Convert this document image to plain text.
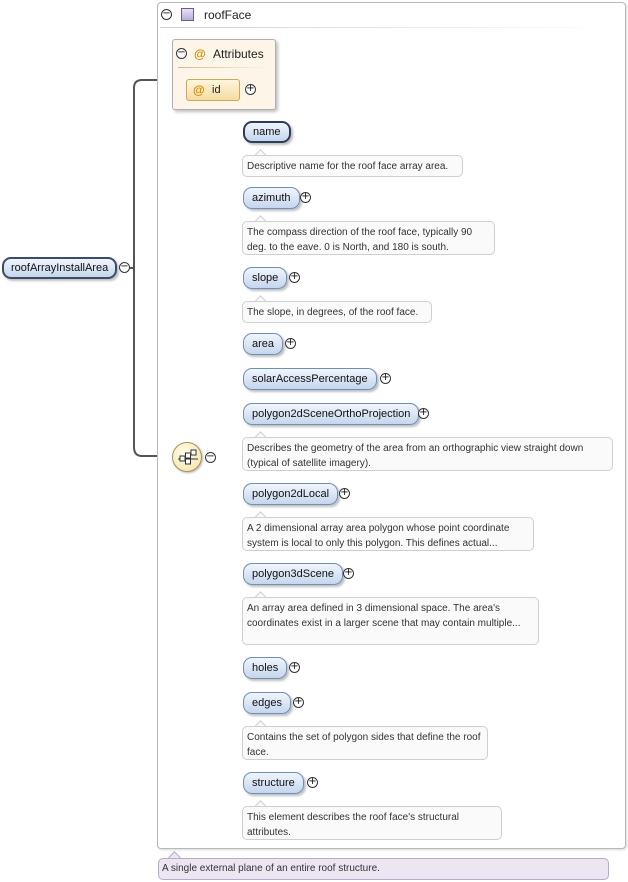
−	roofFace
− @ Attributes
@ id	+
roofArrayInstallArea	−
−
name
Descriptive name for the roof face array area.
azimuth	+
The compass direction of the roof face, typically 90 deg. to the eave. 0 is North, and 180 is south.
slope	+
The slope, in degrees, of the roof face.
area	+
solarAccessPercentage	+
polygon2dSceneOrthoProjection +
Describes the geometry of the area from an orthographic view straight down (typical of satellite imagery).
polygon2dLocal	+
A 2 dimensional array area polygon whose point coordinate system is local to only this polygon. This defines actual...
polygon3dScene	+
An array area defined in 3 dimensional space. The area's coordinates exist in a larger scene that may contain multiple...
holes	+
edges	+
Contains the set of polygon sides that define the roof face.
structure	+
This element describes the roof face's structural attributes.
A single external plane of an entire roof structure.
